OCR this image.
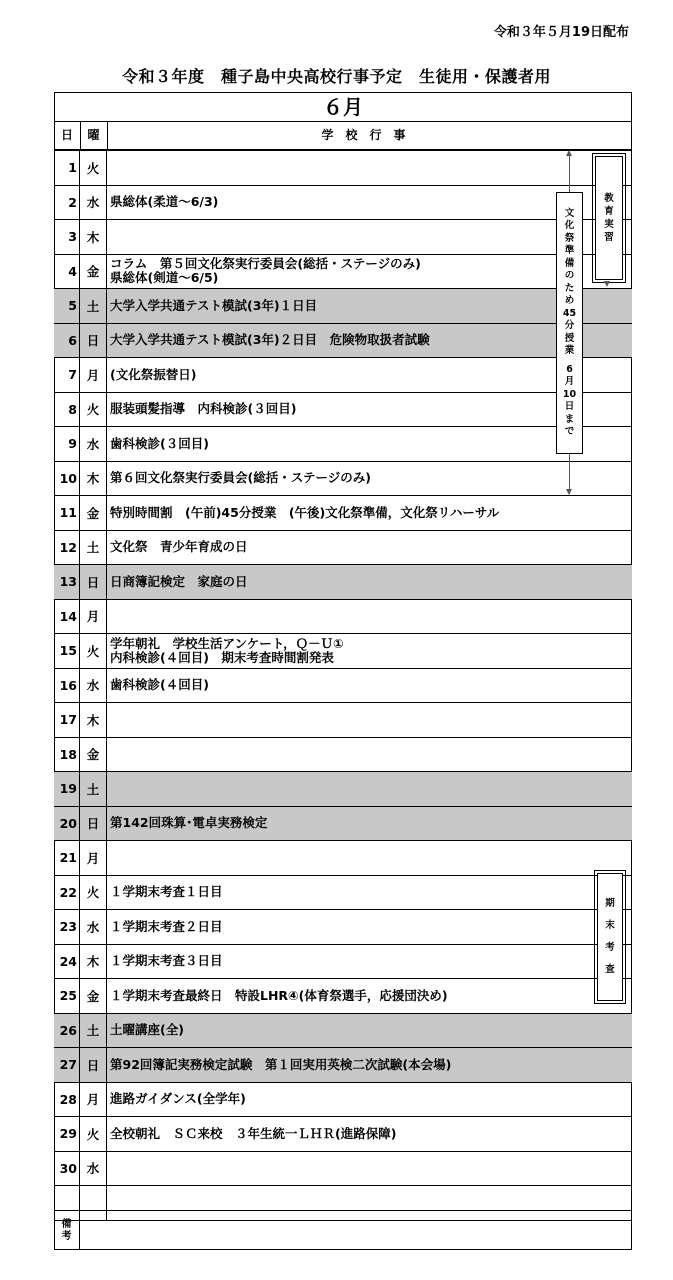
令和３年５月19日配布
令和３年度　種子島中央高校行事予定　生徒用・保護者用
６月
日	曜	学校行事
1 火
2 水 県総体(柔道～6/3)
3 木
4 金
コラム　第５回文化祭実行委員会(総括・ステージのみ)
県総体(剣道～6/5)
5 土 大学入学共通テスト模試(3年)１日目
6 日 大学入学共通テスト模試(3年)２日目　危険物取扱者試験
7 月 (文化祭振替日)
8 火 服装頭髪指導　内科検診(３回目)
9 水 歯科検診(３回目)
10 木 第６回文化祭実行委員会(総括・ステージのみ)
11 金 特別時間割　(午前)45分授業　(午後)文化祭準備，文化祭リハーサル
12 土 文化祭　青少年育成の日
13 日 日商簿記検定　家庭の日
14 月
15 火
学年朝礼　学校生活アンケート，Ｑ－Ｕ①
内科検診(４回目)　期末考査時間割発表
16 水 歯科検診(４回目)
17 木
18 金
19 土
20 日 第142回珠算･電卓実務検定
21 月
22 火 １学期末考査１日目
23 水 １学期末考査２日目
24 木 １学期末考査３日目
25 金 １学期末考査最終日　特設LHR④(体育祭選手，応援団決め)
26 土 土曜講座(全)
27 日 第92回簿記実務検定試験　第１回実用英検二次試験(本会場)
28 月 進路ガイダンス(全学年)
29 火 全校朝礼　ＳＣ来校　３年生統一ＬＨＲ(進路保障)
30 水
備
考
教
育
実
習
文
化
祭
準
備
の
た
め
45
分
授
業
6
月
10
日
ま
で
期
末
考
査
